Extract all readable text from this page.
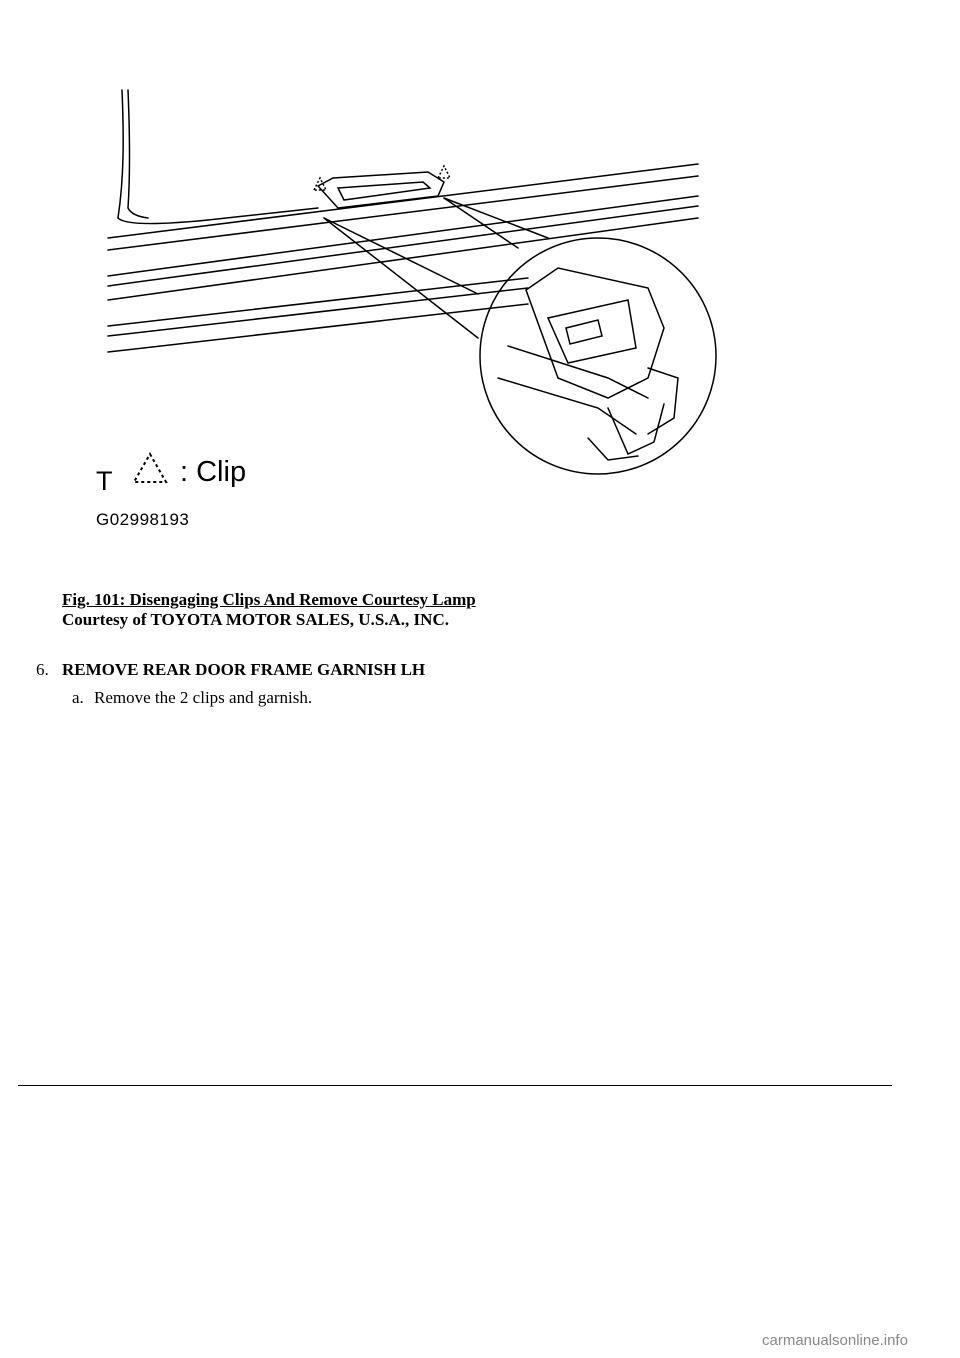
: Clip
T
G02998193
Fig. 101: Disengaging Clips And Remove Courtesy Lamp
Courtesy of TOYOTA MOTOR SALES, U.S.A., INC.
6. REMOVE REAR DOOR FRAME GARNISH LH
a. Remove the 2 clips and garnish.
carmanualsonline.info
